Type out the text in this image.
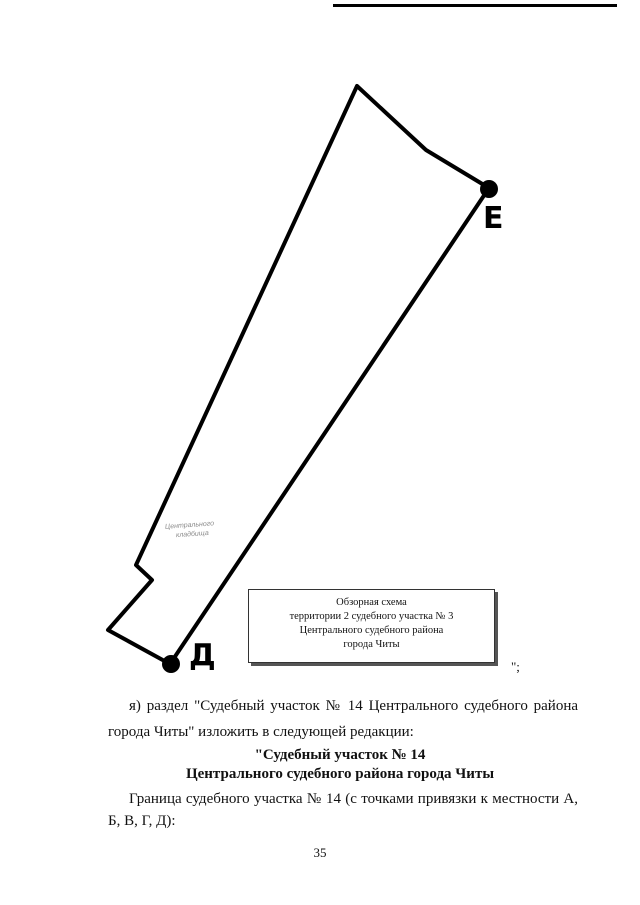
Е
Д
Центрального
кладбища
Обзорная схема
территории 2 судебного участка № 3
Центрального судебного района
города Читы
";
я) раздел "Судебный участок № 14 Центрального судебного района города Читы" изложить в следующей редакции:
"Судебный участок № 14
Центрального судебного района города Читы
Граница судебного участка № 14 (с точками привязки к местности А, Б, В, Г, Д):
35
